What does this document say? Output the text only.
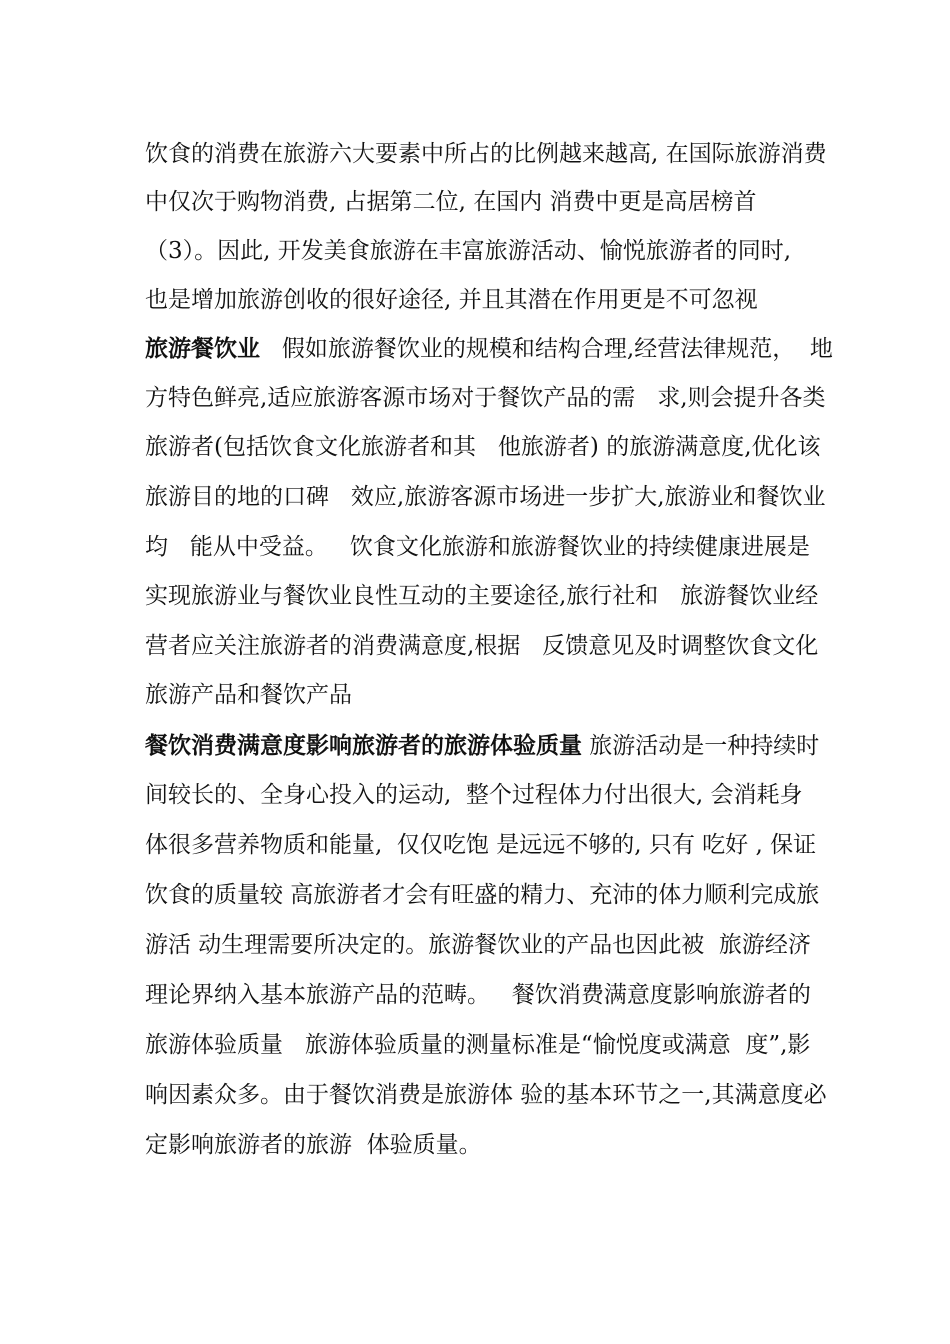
饮食的消费在旅游六大要素中所占的比例越来越高, 在国际旅游消费
中仅次于购物消费, 占据第二位, 在国内 消费中更是高居榜首
（3）。因此, 开发美食旅游在丰富旅游活动、愉悦旅游者的同时,
也是增加旅游创收的很好途径, 并且其潜在作用更是不可忽视
旅游餐饮业   假如旅游餐饮业的规模和结构合理,经营法律规范，  地
方特色鲜亮,适应旅游客源市场对于餐饮产品的需   求,则会提升各类
旅游者(包括饮食文化旅游者和其   他旅游者) 的旅游满意度,优化该
旅游目的地的口碑   效应,旅游客源市场进一步扩大,旅游业和餐饮业
均   能从中受益。   饮食文化旅游和旅游餐饮业的持续健康进展是
实现旅游业与餐饮业良性互动的主要途径,旅行社和   旅游餐饮业经
营者应关注旅游者的消费满意度,根据   反馈意见及时调整饮食文化
旅游产品和餐饮产品
餐饮消费满意度影响旅游者的旅游体验质量 旅游活动是一种持续时
间较长的、全身心投入的运动,  整个过程体力付出很大, 会消耗身
体很多营养物质和能量,  仅仅吃饱 是远远不够的, 只有 吃好 , 保证
饮食的质量较 高旅游者才会有旺盛的精力、充沛的体力顺利完成旅
游活 动生理需要所决定的。旅游餐饮业的产品也因此被  旅游经济
理论界纳入基本旅游产品的范畴。   餐饮消费满意度影响旅游者的
旅游体验质量   旅游体验质量的测量标准是“愉悦度或满意  度”,影
响因素众多。由于餐饮消费是旅游体 验的基本环节之一,其满意度必
定影响旅游者的旅游  体验质量。
